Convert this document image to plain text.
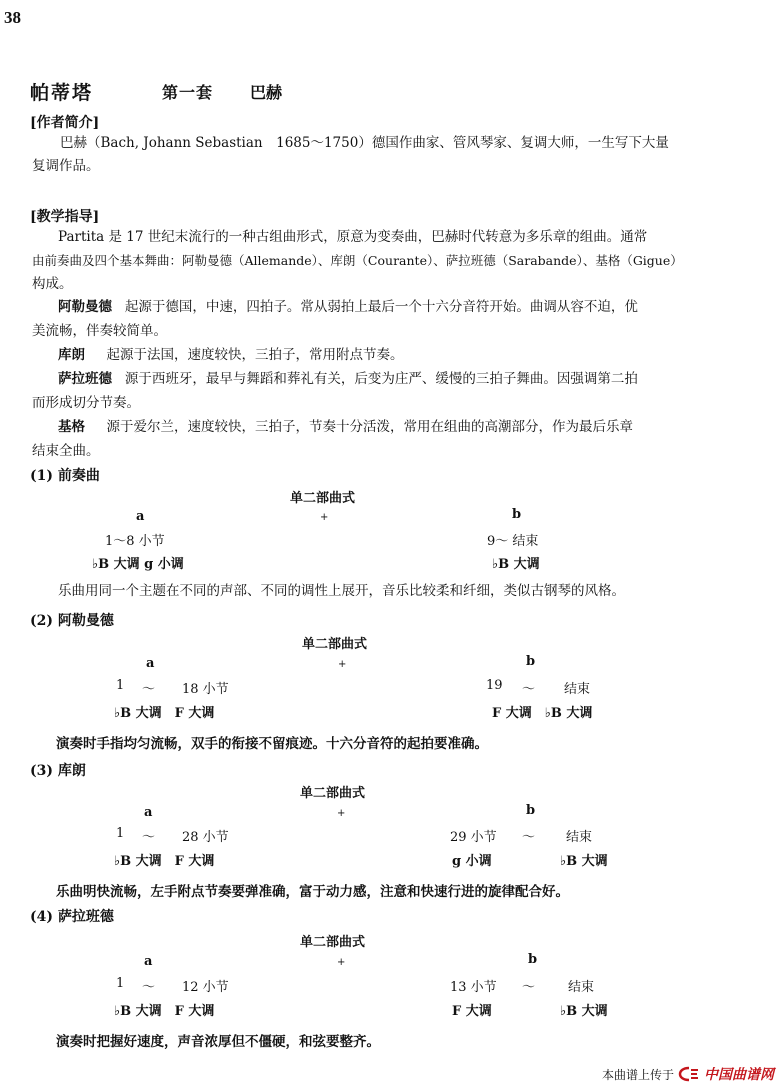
38
帕蒂塔	第一套 巴赫
[作者简介]
巴赫（Bach, Johann Sebastian　1685～1750）德国作曲家、管风琴家、复调大师，一生写下大量
复调作品。
[教学指导]
Partita 是 17 世纪末流行的一种古组曲形式，原意为变奏曲，巴赫时代转意为多乐章的组曲。通常
由前奏曲及四个基本舞曲：阿勒曼德（Allemande）、库朗（Courante）、萨拉班德（Sarabande）、基格（Gigue）
构成。
阿勒曼德 起源于德国，中速，四拍子。常从弱拍上最后一个十六分音符开始。曲调从容不迫，优
美流畅，伴奏较简单。
库朗 起源于法国，速度较快，三拍子，常用附点节奏。
萨拉班德 源于西班牙，最早与舞蹈和葬礼有关，后变为庄严、缓慢的三拍子舞曲。因强调第二拍
而形成切分节奏。
基格 源于爱尔兰，速度较快，三拍子，节奏十分活泼，常用在组曲的高潮部分，作为最后乐章
结束全曲。
(1) 前奏曲
单二部曲式
a	+	b
1～8 小节	9～ 结束
♭B 大调 g 小调	♭B 大调
乐曲用同一个主题在不同的声部、不同的调性上展开，音乐比较柔和纤细，类似古钢琴的风格。
(2) 阿勒曼德
单二部曲式
a	+	b
1 ～ 18 小节	19 ～ 结束
♭B 大调　F 大调	F 大调　♭B 大调
演奏时手指均匀流畅，双手的衔接不留痕迹。十六分音符的起拍要准确。
(3) 库朗
单二部曲式
a	+	b
1 ～ 28 小节	29 小节 ～ 结束
♭B 大调　F 大调	g 小调	♭B 大调
乐曲明快流畅，左手附点节奏要弹准确，富于动力感，注意和快速行进的旋律配合好。
(4) 萨拉班德
单二部曲式
a	+	b
1 ～ 12 小节	13 小节 ～	结束
♭B 大调　F 大调	F 大调	♭B 大调
演奏时把握好速度，声音浓厚但不僵硬，和弦要整齐。
本曲谱上传于 中国曲谱网
